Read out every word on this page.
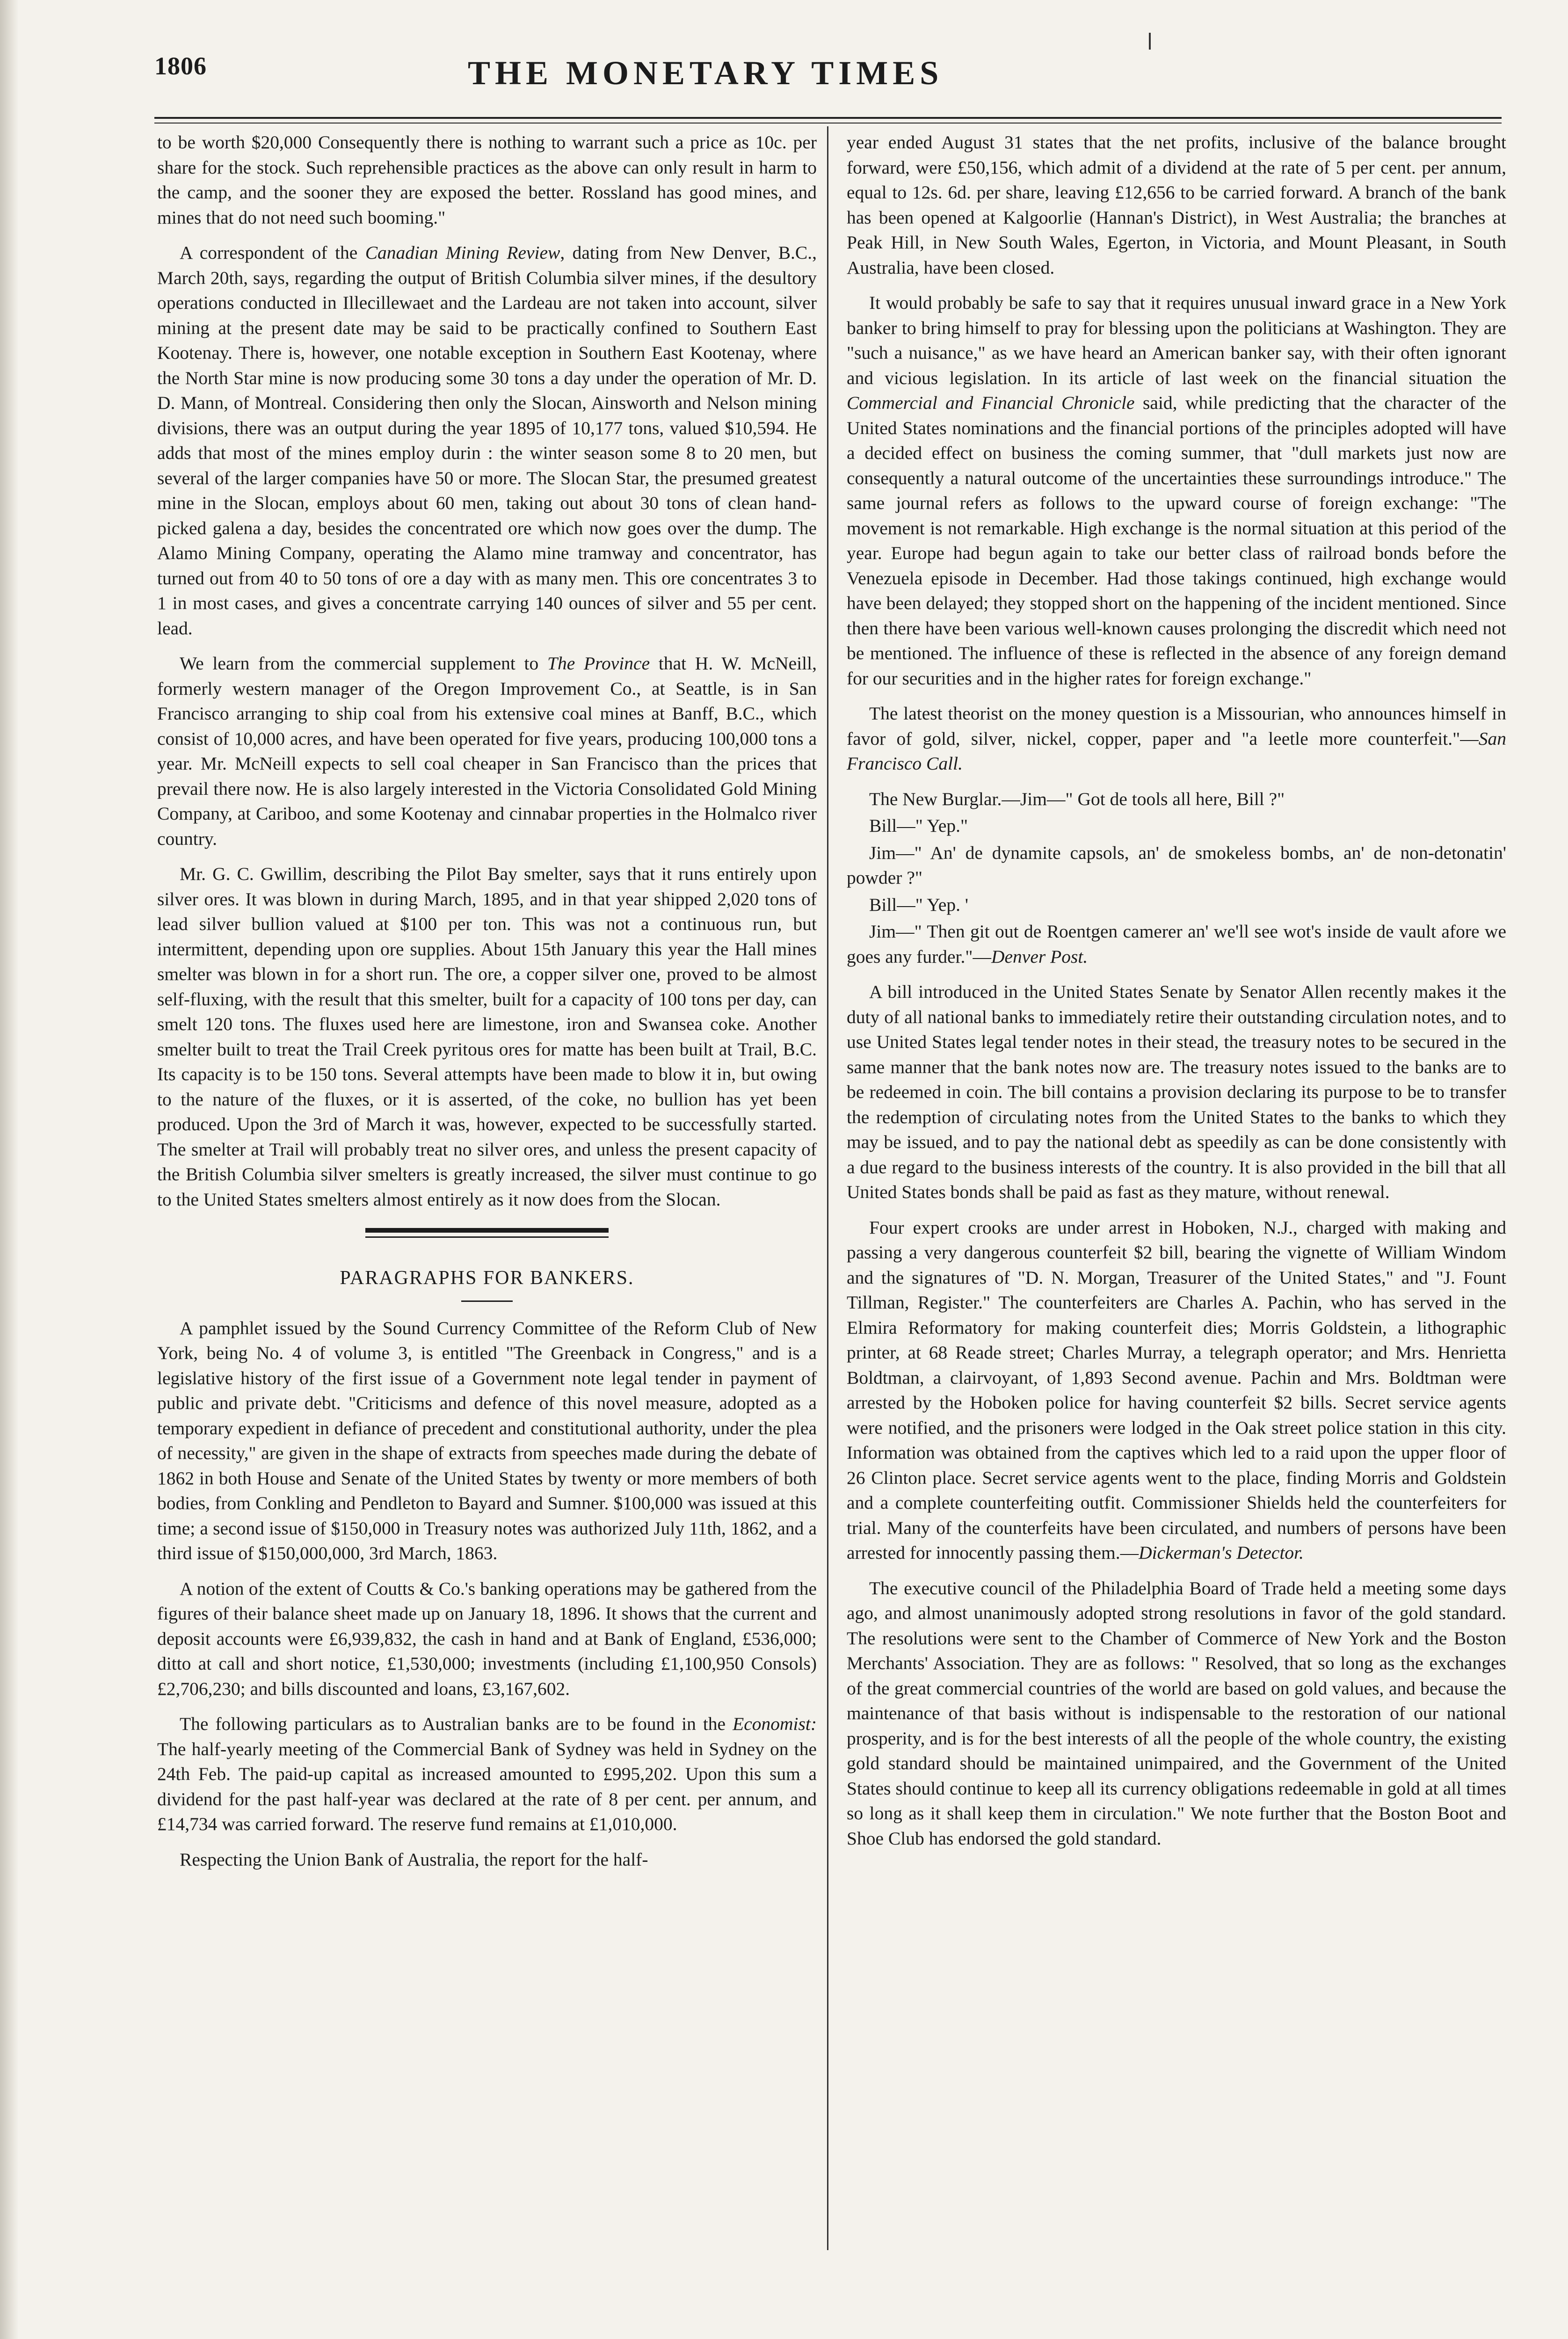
1806	THE MONETARY TIMES

to be worth $20,000 Consequently there is nothing to warrant such a price as 10c. per share for the stock. Such reprehensible practices as the above can only result in harm to the camp, and the sooner they are exposed the better. Rossland has good mines, and mines that do not need such booming."

A correspondent of the Canadian Mining Review, dating from New Denver, B.C., March 20th, says, regarding the output of British Columbia silver mines, if the desultory operations conducted in Illecillewaet and the Lardeau are not taken into account, silver mining at the present date may be said to be practically confined to Southern East Kootenay. There is, however, one notable exception in Southern East Kootenay, where the North Star mine is now producing some 30 tons a day under the operation of Mr. D. D. Mann, of Montreal. Considering then only the Slocan, Ainsworth and Nelson mining divisions, there was an output during the year 1895 of 10,177 tons, valued $10,594. He adds that most of the mines employ durin : the winter season some 8 to 20 men, but several of the larger companies have 50 or more. The Slocan Star, the presumed greatest mine in the Slocan, employs about 60 men, taking out about 30 tons of clean hand-picked galena a day, besides the concentrated ore which now goes over the dump. The Alamo Mining Company, operating the Alamo mine tramway and concentrator, has turned out from 40 to 50 tons of ore a day with as many men. This ore concentrates 3 to 1 in most cases, and gives a concentrate carrying 140 ounces of silver and 55 per cent. lead.

We learn from the commercial supplement to The Province that H. W. McNeill, formerly western manager of the Oregon Improvement Co., at Seattle, is in San Francisco arranging to ship coal from his extensive coal mines at Banff, B.C., which consist of 10,000 acres, and have been operated for five years, producing 100,000 tons a year. Mr. McNeill expects to sell coal cheaper in San Francisco than the prices that prevail there now. He is also largely interested in the Victoria Consolidated Gold Mining Company, at Cariboo, and some Kootenay and cinnabar properties in the Holmalco river country.

Mr. G. C. Gwillim, describing the Pilot Bay smelter, says that it runs entirely upon silver ores. It was blown in during March, 1895, and in that year shipped 2,020 tons of lead silver bullion valued at $100 per ton. This was not a continuous run, but intermittent, depending upon ore supplies. About 15th January this year the Hall mines smelter was blown in for a short run. The ore, a copper silver one, proved to be almost self-fluxing, with the result that this smelter, built for a capacity of 100 tons per day, can smelt 120 tons. The fluxes used here are limestone, iron and Swansea coke. Another smelter built to treat the Trail Creek pyritous ores for matte has been built at Trail, B.C. Its capacity is to be 150 tons. Several attempts have been made to blow it in, but owing to the nature of the fluxes, or it is asserted, of the coke, no bullion has yet been produced. Upon the 3rd of March it was, however, expected to be successfully started. The smelter at Trail will probably treat no silver ores, and unless the present capacity of the British Columbia silver smelters is greatly increased, the silver must continue to go to the United States smelters almost entirely as it now does from the Slocan.

PARAGRAPHS FOR BANKERS.

A pamphlet issued by the Sound Currency Committee of the Reform Club of New York, being No. 4 of volume 3, is entitled "The Greenback in Congress," and is a legislative history of the first issue of a Government note legal tender in payment of public and private debt. "Criticisms and defence of this novel measure, adopted as a temporary expedient in defiance of precedent and constitutional authority, under the plea of necessity," are given in the shape of extracts from speeches made during the debate of 1862 in both House and Senate of the United States by twenty or more members of both bodies, from Conkling and Pendleton to Bayard and Sumner. $100,000 was issued at this time; a second issue of $150,000 in Treasury notes was authorized July 11th, 1862, and a third issue of $150,000,000, 3rd March, 1863.

A notion of the extent of Coutts & Co.'s banking operations may be gathered from the figures of their balance sheet made up on January 18, 1896. It shows that the current and deposit accounts were £6,939,832, the cash in hand and at Bank of England, £536,000; ditto at call and short notice, £1,530,000; investments (including £1,100,950 Consols) £2,706,230; and bills discounted and loans, £3,167,602.

The following particulars as to Australian banks are to be found in the Economist: The half-yearly meeting of the Commercial Bank of Sydney was held in Sydney on the 24th Feb. The paid-up capital as increased amounted to £995,202. Upon this sum a dividend for the past half-year was declared at the rate of 8 per cent. per annum, and £14,734 was carried forward. The reserve fund remains at £1,010,000.

Respecting the Union Bank of Australia, the report for the half-

year ended August 31 states that the net profits, inclusive of the balance brought forward, were £50,156, which admit of a dividend at the rate of 5 per cent. per annum, equal to 12s. 6d. per share, leaving £12,656 to be carried forward. A branch of the bank has been opened at Kalgoorlie (Hannan's District), in West Australia; the branches at Peak Hill, in New South Wales, Egerton, in Victoria, and Mount Pleasant, in South Australia, have been closed.

It would probably be safe to say that it requires unusual inward grace in a New York banker to bring himself to pray for blessing upon the politicians at Washington. They are "such a nuisance," as we have heard an American banker say, with their often ignorant and vicious legislation. In its article of last week on the financial situation the Commercial and Financial Chronicle said, while predicting that the character of the United States nominations and the financial portions of the principles adopted will have a decided effect on business the coming summer, that "dull markets just now are consequently a natural outcome of the uncertainties these surroundings introduce." The same journal refers as follows to the upward course of foreign exchange: "The movement is not remarkable. High exchange is the normal situation at this period of the year. Europe had begun again to take our better class of railroad bonds before the Venezuela episode in December. Had those takings continued, high exchange would have been delayed; they stopped short on the happening of the incident mentioned. Since then there have been various well-known causes prolonging the discredit which need not be mentioned. The influence of these is reflected in the absence of any foreign demand for our securities and in the higher rates for foreign exchange."

The latest theorist on the money question is a Missourian, who announces himself in favor of gold, silver, nickel, copper, paper and "a leetle more counterfeit."—San Francisco Call.

The New Burglar.—Jim—" Got de tools all here, Bill ?"

Bill—" Yep."

Jim—" An' de dynamite capsols, an' de smokeless bombs, an' de non-detonatin' powder ?"

Bill—" Yep. '

Jim—" Then git out de Roentgen camerer an' we'll see wot's inside de vault afore we goes any furder."—Denver Post.

A bill introduced in the United States Senate by Senator Allen recently makes it the duty of all national banks to immediately retire their outstanding circulation notes, and to use United States legal tender notes in their stead, the treasury notes to be secured in the same manner that the bank notes now are. The treasury notes issued to the banks are to be redeemed in coin. The bill contains a provision declaring its purpose to be to transfer the redemption of circulating notes from the United States to the banks to which they may be issued, and to pay the national debt as speedily as can be done consistently with a due regard to the business interests of the country. It is also provided in the bill that all United States bonds shall be paid as fast as they mature, without renewal.

Four expert crooks are under arrest in Hoboken, N.J., charged with making and passing a very dangerous counterfeit $2 bill, bearing the vignette of William Windom and the signatures of "D. N. Morgan, Treasurer of the United States," and "J. Fount Tillman, Register." The counterfeiters are Charles A. Pachin, who has served in the Elmira Reformatory for making counterfeit dies; Morris Goldstein, a lithographic printer, at 68 Reade street; Charles Murray, a telegraph operator; and Mrs. Henrietta Boldtman, a clairvoyant, of 1,893 Second avenue. Pachin and Mrs. Boldtman were arrested by the Hoboken police for having counterfeit $2 bills. Secret service agents were notified, and the prisoners were lodged in the Oak street police station in this city. Information was obtained from the captives which led to a raid upon the upper floor of 26 Clinton place. Secret service agents went to the place, finding Morris and Goldstein and a complete counterfeiting outfit. Commissioner Shields held the counterfeiters for trial. Many of the counterfeits have been circulated, and numbers of persons have been arrested for innocently passing them.—Dickerman's Detector.

The executive council of the Philadelphia Board of Trade held a meeting some days ago, and almost unanimously adopted strong resolutions in favor of the gold standard. The resolutions were sent to the Chamber of Commerce of New York and the Boston Merchants' Association. They are as follows: " Resolved, that so long as the exchanges of the great commercial countries of the world are based on gold values, and because the maintenance of that basis without is indispensable to the restoration of our national prosperity, and is for the best interests of all the people of the whole country, the existing gold standard should be maintained unimpaired, and the Government of the United States should continue to keep all its currency obligations redeemable in gold at all times so long as it shall keep them in circulation." We note further that the Boston Boot and Shoe Club has endorsed the gold standard.
